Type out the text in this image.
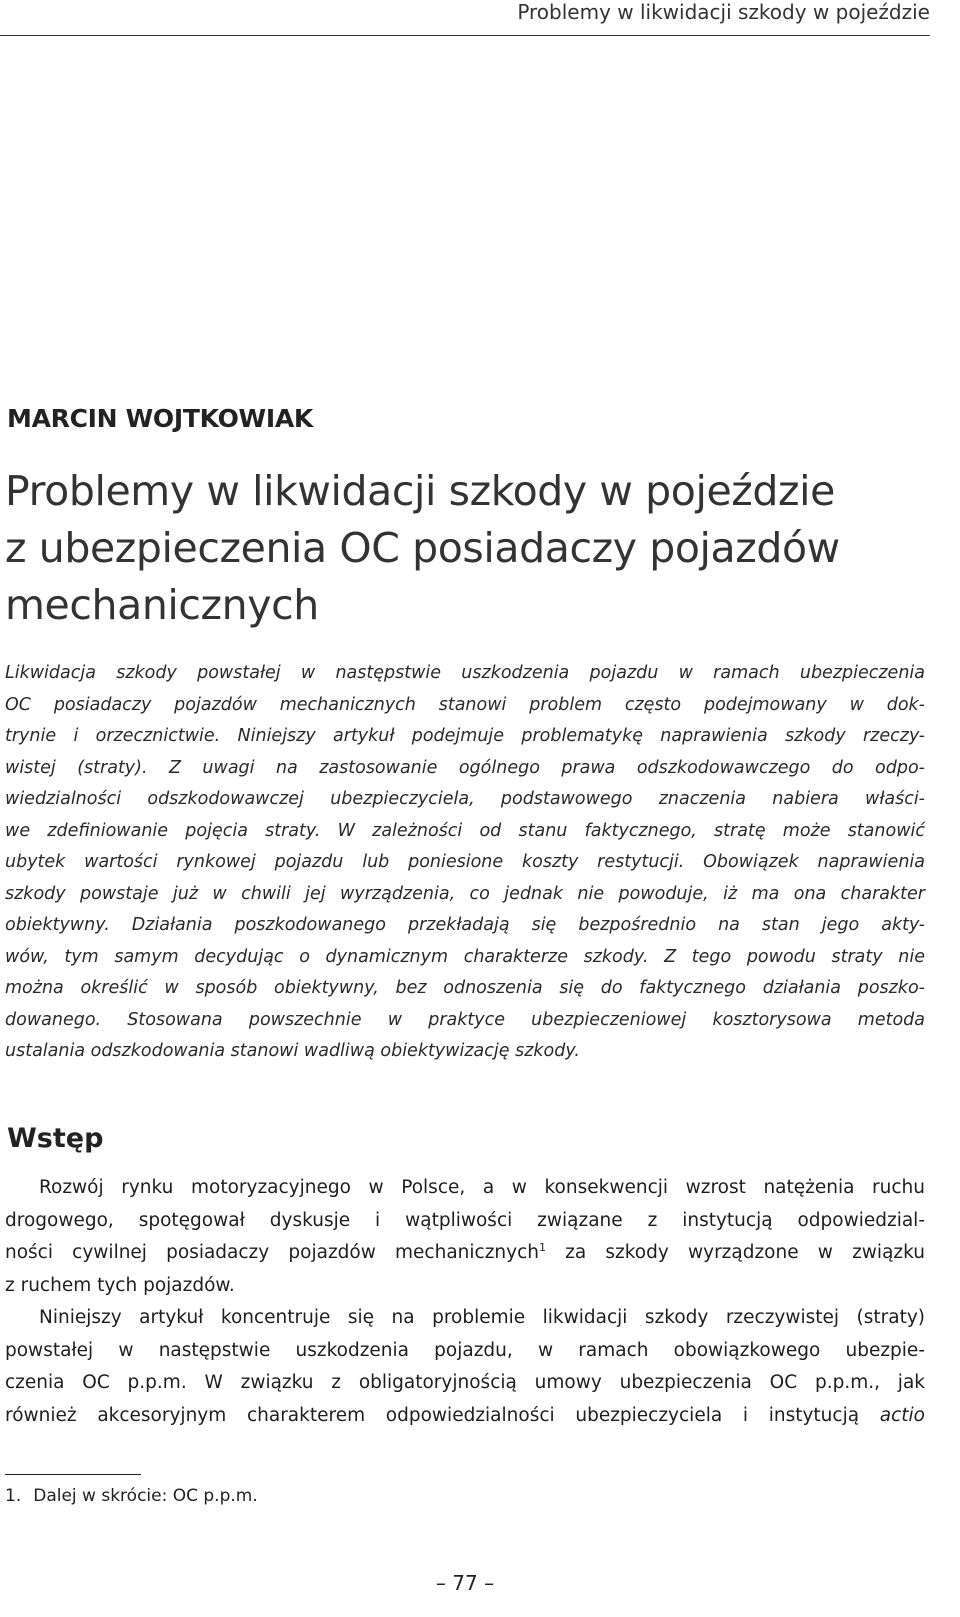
Problemy w likwidacji szkody w pojeździe
MARCIN WOJTKOWIAK
Problemy w likwidacji szkody w pojeździe
z ubezpieczenia OC posiadaczy pojazdów
mechanicznych

Likwidacja szkody powstałej w następstwie uszkodzenia pojazdu w ramach ubezpieczenia
OC posiadaczy pojazdów mechanicznych stanowi problem często podejmowany w dok-
trynie i orzecznictwie. Niniejszy artykuł podejmuje problematykę naprawienia szkody rzeczy-
wistej (straty). Z uwagi na zastosowanie ogólnego prawa odszkodowawczego do odpo-
wiedzialności odszkodowawczej ubezpieczyciela, podstawowego znaczenia nabiera właści-
we zdefiniowanie pojęcia straty. W zależności od stanu faktycznego, stratę może stanowić
ubytek wartości rynkowej pojazdu lub poniesione koszty restytucji. Obowiązek naprawienia
szkody powstaje już w chwili jej wyrządzenia, co jednak nie powoduje, iż ma ona charakter
obiektywny. Działania poszkodowanego przekładają się bezpośrednio na stan jego akty-
wów, tym samym decydując o dynamicznym charakterze szkody. Z tego powodu straty nie
można określić w sposób obiektywny, bez odnoszenia się do faktycznego działania poszko-
dowanego. Stosowana powszechnie w praktyce ubezpieczeniowej kosztorysowa metoda
ustalania odszkodowania stanowi wadliwą obiektywizację szkody.

Wstęp
Rozwój rynku motoryzacyjnego w Polsce, a w konsekwencji wzrost natężenia ruchu
drogowego, spotęgował dyskusje i wątpliwości związane z instytucją odpowiedzial-
ności cywilnej posiadaczy pojazdów mechanicznych$^1$ za szkody wyrządzone w związku
z ruchem tych pojazdów.
Niniejszy artykuł koncentruje się na problemie likwidacji szkody rzeczywistej (straty)
powstałej w następstwie uszkodzenia pojazdu, w ramach obowiązkowego ubezpie-
czenia OC p.p.m. W związku z obligatoryjnością umowy ubezpieczenia OC p.p.m., jak
również akcesoryjnym charakterem odpowiedzialności ubezpieczyciela i instytucją actio
1. Dalej w skrócie: OC p.p.m.
– 77 –
